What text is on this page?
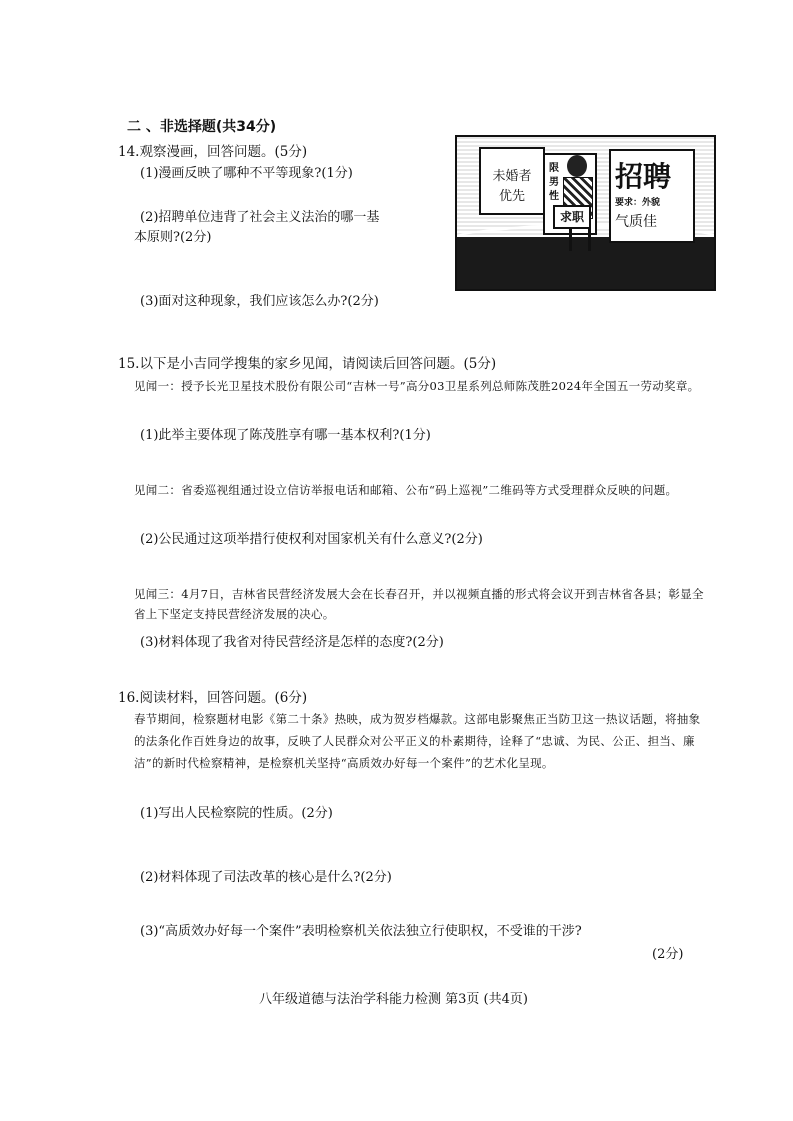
二 、非选择题(共34分)

14.观察漫画，回答问题。(5分)

(1)漫画反映了哪种不平等现象?(1分)

(2)招聘单位违背了社会主义法治的哪一基

本原则?(2分)

(3)面对这种现象，我们应该怎么办?(2分)

未婚者
优先
限
男
性
求职
招聘
要求：外貌
气质佳

15.以下是小吉同学搜集的家乡见闻，请阅读后回答问题。(5分)

见闻一：授予长光卫星技术股份有限公司“吉林一号”高分03卫星系列总师陈茂胜2024年全国五一劳动奖章。

(1)此举主要体现了陈茂胜享有哪一基本权利?(1分)

见闻二：省委巡视组通过设立信访举报电话和邮箱、公布“码上巡视”二维码等方式受理群众反映的问题。

(2)公民通过这项举措行使权利对国家机关有什么意义?(2分)

见闻三：4月7日，吉林省民营经济发展大会在长春召开，并以视频直播的形式将会议开到吉林省各县；彰显全省上下坚定支持民营经济发展的决心。

(3)材料体现了我省对待民营经济是怎样的态度?(2分)

16.阅读材料，回答问题。(6分)

春节期间，检察题材电影《第二十条》热映，成为贺岁档爆款。这部电影聚焦正当防卫这一热议话题，将抽象的法条化作百姓身边的故事，反映了人民群众对公平正义的朴素期待，诠释了“忠诚、为民、公正、担当、廉洁”的新时代检察精神，是检察机关坚持“高质效办好每一个案件”的艺术化呈现。

(1)写出人民检察院的性质。(2分)

(2)材料体现了司法改革的核心是什么?(2分)

(3)“高质效办好每一个案件”表明检察机关依法独立行使职权，不受谁的干涉?

(2分)

八年级道德与法治学科能力检测 第3页 (共4页)
